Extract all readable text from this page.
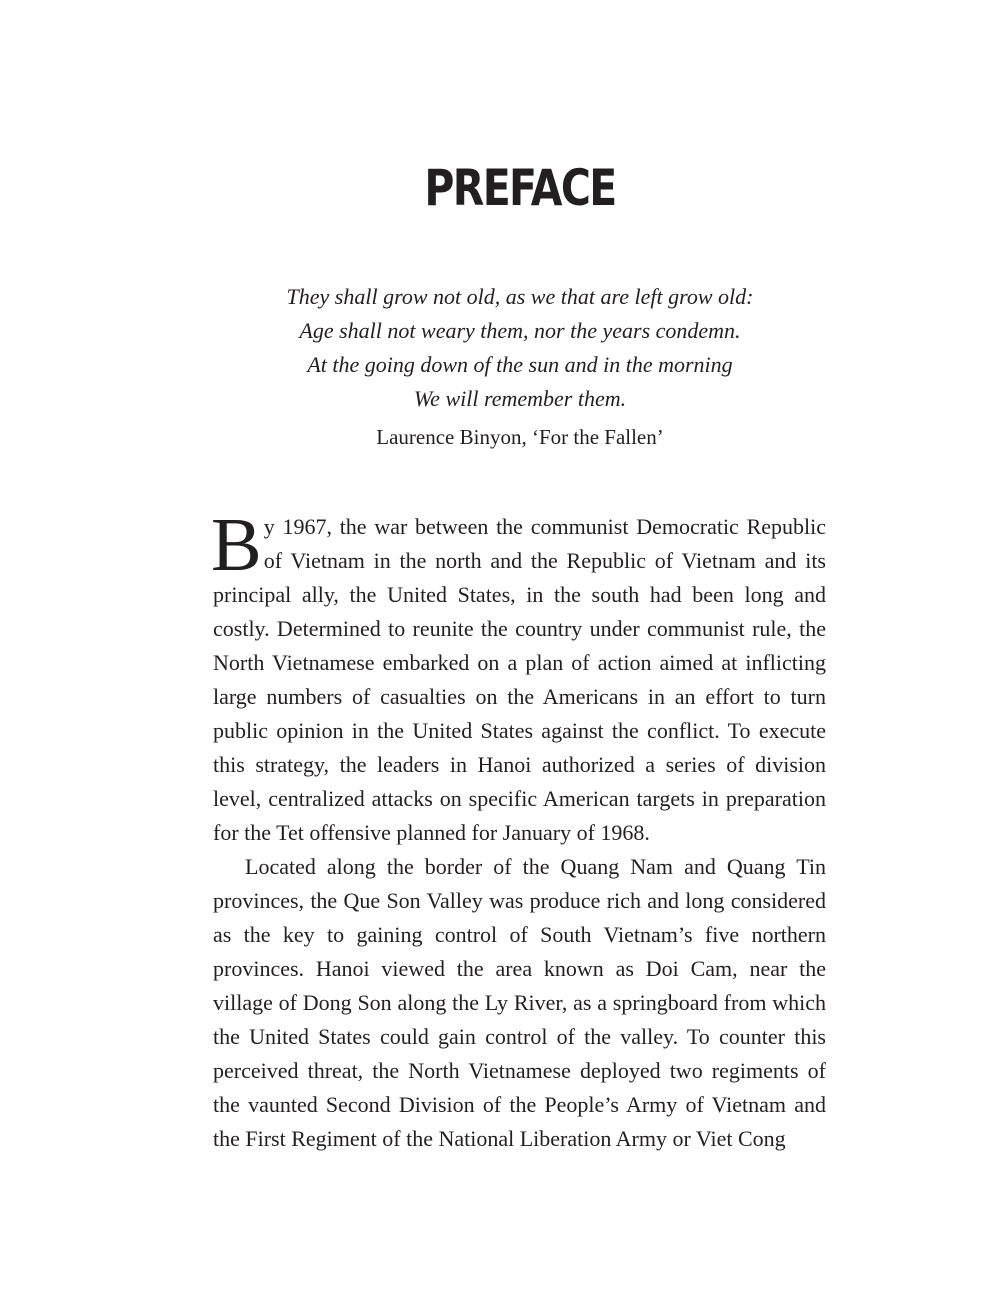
PREFACE
They shall grow not old, as we that are left grow old:
Age shall not weary them, nor the years condemn.
At the going down of the sun and in the morning
We will remember them.
Laurence Binyon, ‘For the Fallen’

By 1967, the war between the communist Democratic Republic of Vietnam in the north and the Republic of Vietnam and its principal ally, the United States, in the south had been long and costly. Determined to reunite the country under communist rule, the North Vietnamese embarked on a plan of action aimed at inflicting large numbers of casualties on the Americans in an effort to turn public opinion in the United States against the conflict. To execute this strategy, the leaders in Hanoi authorized a series of division level, centralized attacks on specific American targets in preparation for the Tet offensive planned for January of 1968.

Located along the border of the Quang Nam and Quang Tin provinces, the Que Son Valley was produce rich and long considered as the key to gaining control of South Vietnam’s five northern provinces. Hanoi viewed the area known as Doi Cam, near the village of Dong Son along the Ly River, as a springboard from which the United States could gain control of the valley. To counter this perceived threat, the North Vietnamese deployed two regiments of the vaunted Second Division of the People’s Army of Vietnam and the First Regiment of the National Liberation Army or Viet Cong
